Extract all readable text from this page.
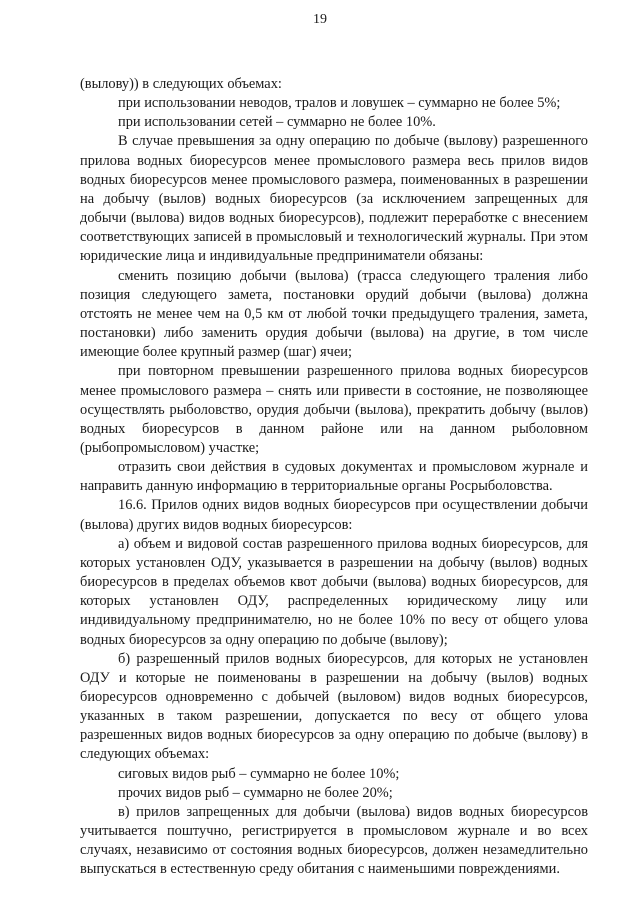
19

(вылову)) в следующих объемах:

при использовании неводов, тралов и ловушек – суммарно не более 5%;

при использовании сетей – суммарно не более 10%.

В случае превышения за одну операцию по добыче (вылову) разрешенного прилова водных биоресурсов менее промыслового размера весь прилов видов водных биоресурсов менее промыслового размера, поименованных в разрешении на добычу (вылов) водных биоресурсов (за исключением запрещенных для добычи (вылова) видов водных биоресурсов), подлежит переработке с внесением соответствующих записей в промысловый и технологический журналы. При этом юридические лица и индивидуальные предприниматели обязаны:

сменить позицию добычи (вылова) (трасса следующего траления либо позиция следующего замета, постановки орудий добычи (вылова) должна отстоять не менее чем на 0,5 км от любой точки предыдущего траления, замета, постановки) либо заменить орудия добычи (вылова) на другие, в том числе имеющие более крупный размер (шаг) ячеи;

при повторном превышении разрешенного прилова водных биоресурсов менее промыслового размера – снять или привести в состояние, не позволяющее осуществлять рыболовство, орудия добычи (вылова), прекратить добычу (вылов) водных биоресурсов в данном районе или на данном рыболовном (рыбопромысловом) участке;

отразить свои действия в судовых документах и промысловом журнале и направить данную информацию в территориальные органы Росрыболовства.

16.6. Прилов одних видов водных биоресурсов при осуществлении добычи (вылова) других видов водных биоресурсов:

а) объем и видовой состав разрешенного прилова водных биоресурсов, для которых установлен ОДУ, указывается в разрешении на добычу (вылов) водных биоресурсов в пределах объемов квот добычи (вылова) водных биоресурсов, для которых установлен ОДУ, распределенных юридическому лицу или индивидуальному предпринимателю, но не более 10% по весу от общего улова водных биоресурсов за одну операцию по добыче (вылову);

б) разрешенный прилов водных биоресурсов, для которых не установлен ОДУ и которые не поименованы в разрешении на добычу (вылов) водных биоресурсов одновременно с добычей (выловом) видов водных биоресурсов, указанных в таком разрешении, допускается по весу от общего улова разрешенных видов водных биоресурсов за одну операцию по добыче (вылову) в следующих объемах:

сиговых видов рыб – суммарно не более 10%;

прочих видов рыб – суммарно не более 20%;

в) прилов запрещенных для добычи (вылова) видов водных биоресурсов учитывается поштучно, регистрируется в промысловом журнале и во всех случаях, независимо от состояния водных биоресурсов, должен незамедлительно выпускаться в естественную среду обитания с наименьшими повреждениями.
